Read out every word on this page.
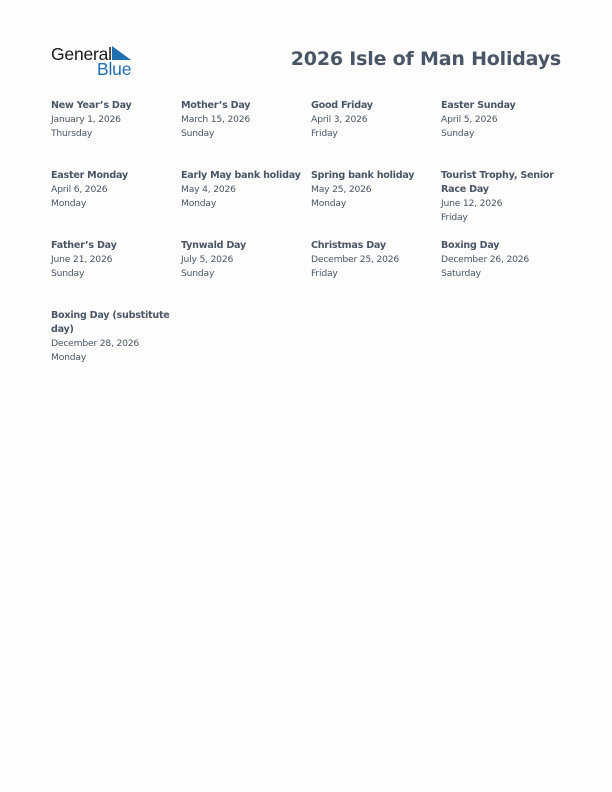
General
Blue	2026 Isle of Man Holidays
New Year’s Day
January 1, 2026
Thursday
Mother’s Day
March 15, 2026
Sunday
Good Friday
April 3, 2026
Friday
Easter Sunday
April 5, 2026
Sunday
Easter Monday
April 6, 2026
Monday
Early May bank holiday
May 4, 2026
Monday
Spring bank holiday
May 25, 2026
Monday
Tourist Trophy, Senior Race Day
June 12, 2026
Friday
Father’s Day
June 21, 2026
Sunday
Tynwald Day
July 5, 2026
Sunday
Christmas Day
December 25, 2026
Friday
Boxing Day
December 26, 2026
Saturday
Boxing Day (substitute day)
December 28, 2026
Monday
